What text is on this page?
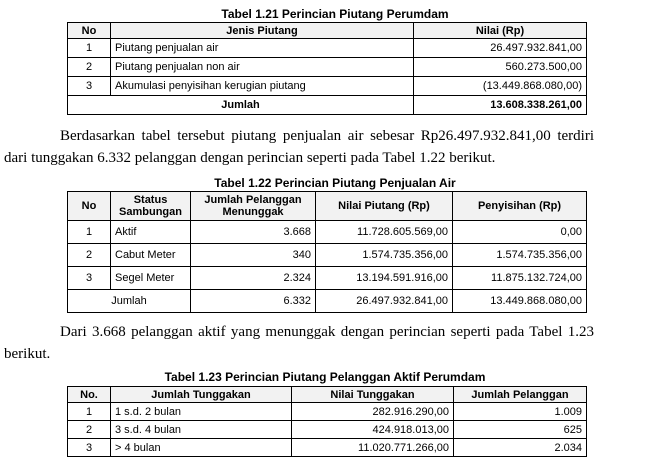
Tabel 1.21 Perincian Piutang Perumdam
No	Jenis Piutang	Nilai (Rp)
1	Piutang penjualan air	26.497.932.841,00
2	Piutang penjualan non air	560.273.500,00
3	Akumulasi penyisihan kerugian piutang	(13.449.868.080,00)
Jumlah		13.608.338.261,00
Berdasarkan tabel tersebut piutang penjualan air sebesar Rp26.497.932.841,00 terdiri dari tunggakan 6.332 pelanggan dengan perincian seperti pada Tabel 1.22 berikut.
Tabel 1.22 Perincian Piutang Penjualan Air
No	Status Sambungan	Jumlah Pelanggan Menunggak	Nilai Piutang (Rp)	Penyisihan (Rp)
1	Aktif	3.668	11.728.605.569,00	0,00
2	Cabut Meter	340	1.574.735.356,00	1.574.735.356,00
3	Segel Meter	2.324	13.194.591.916,00	11.875.132.724,00
Jumlah		6.332	26.497.932.841,00	13.449.868.080,00
Dari 3.668 pelanggan aktif yang menunggak dengan perincian seperti pada Tabel 1.23 berikut.
Tabel 1.23 Perincian Piutang Pelanggan Aktif Perumdam
No.	Jumlah Tunggakan	Nilai Tunggakan	Jumlah Pelanggan
1	1 s.d. 2 bulan	282.916.290,00	1.009
2	3 s.d. 4 bulan	424.918.013,00	625
3	> 4 bulan	11.020.771.266,00	2.034
